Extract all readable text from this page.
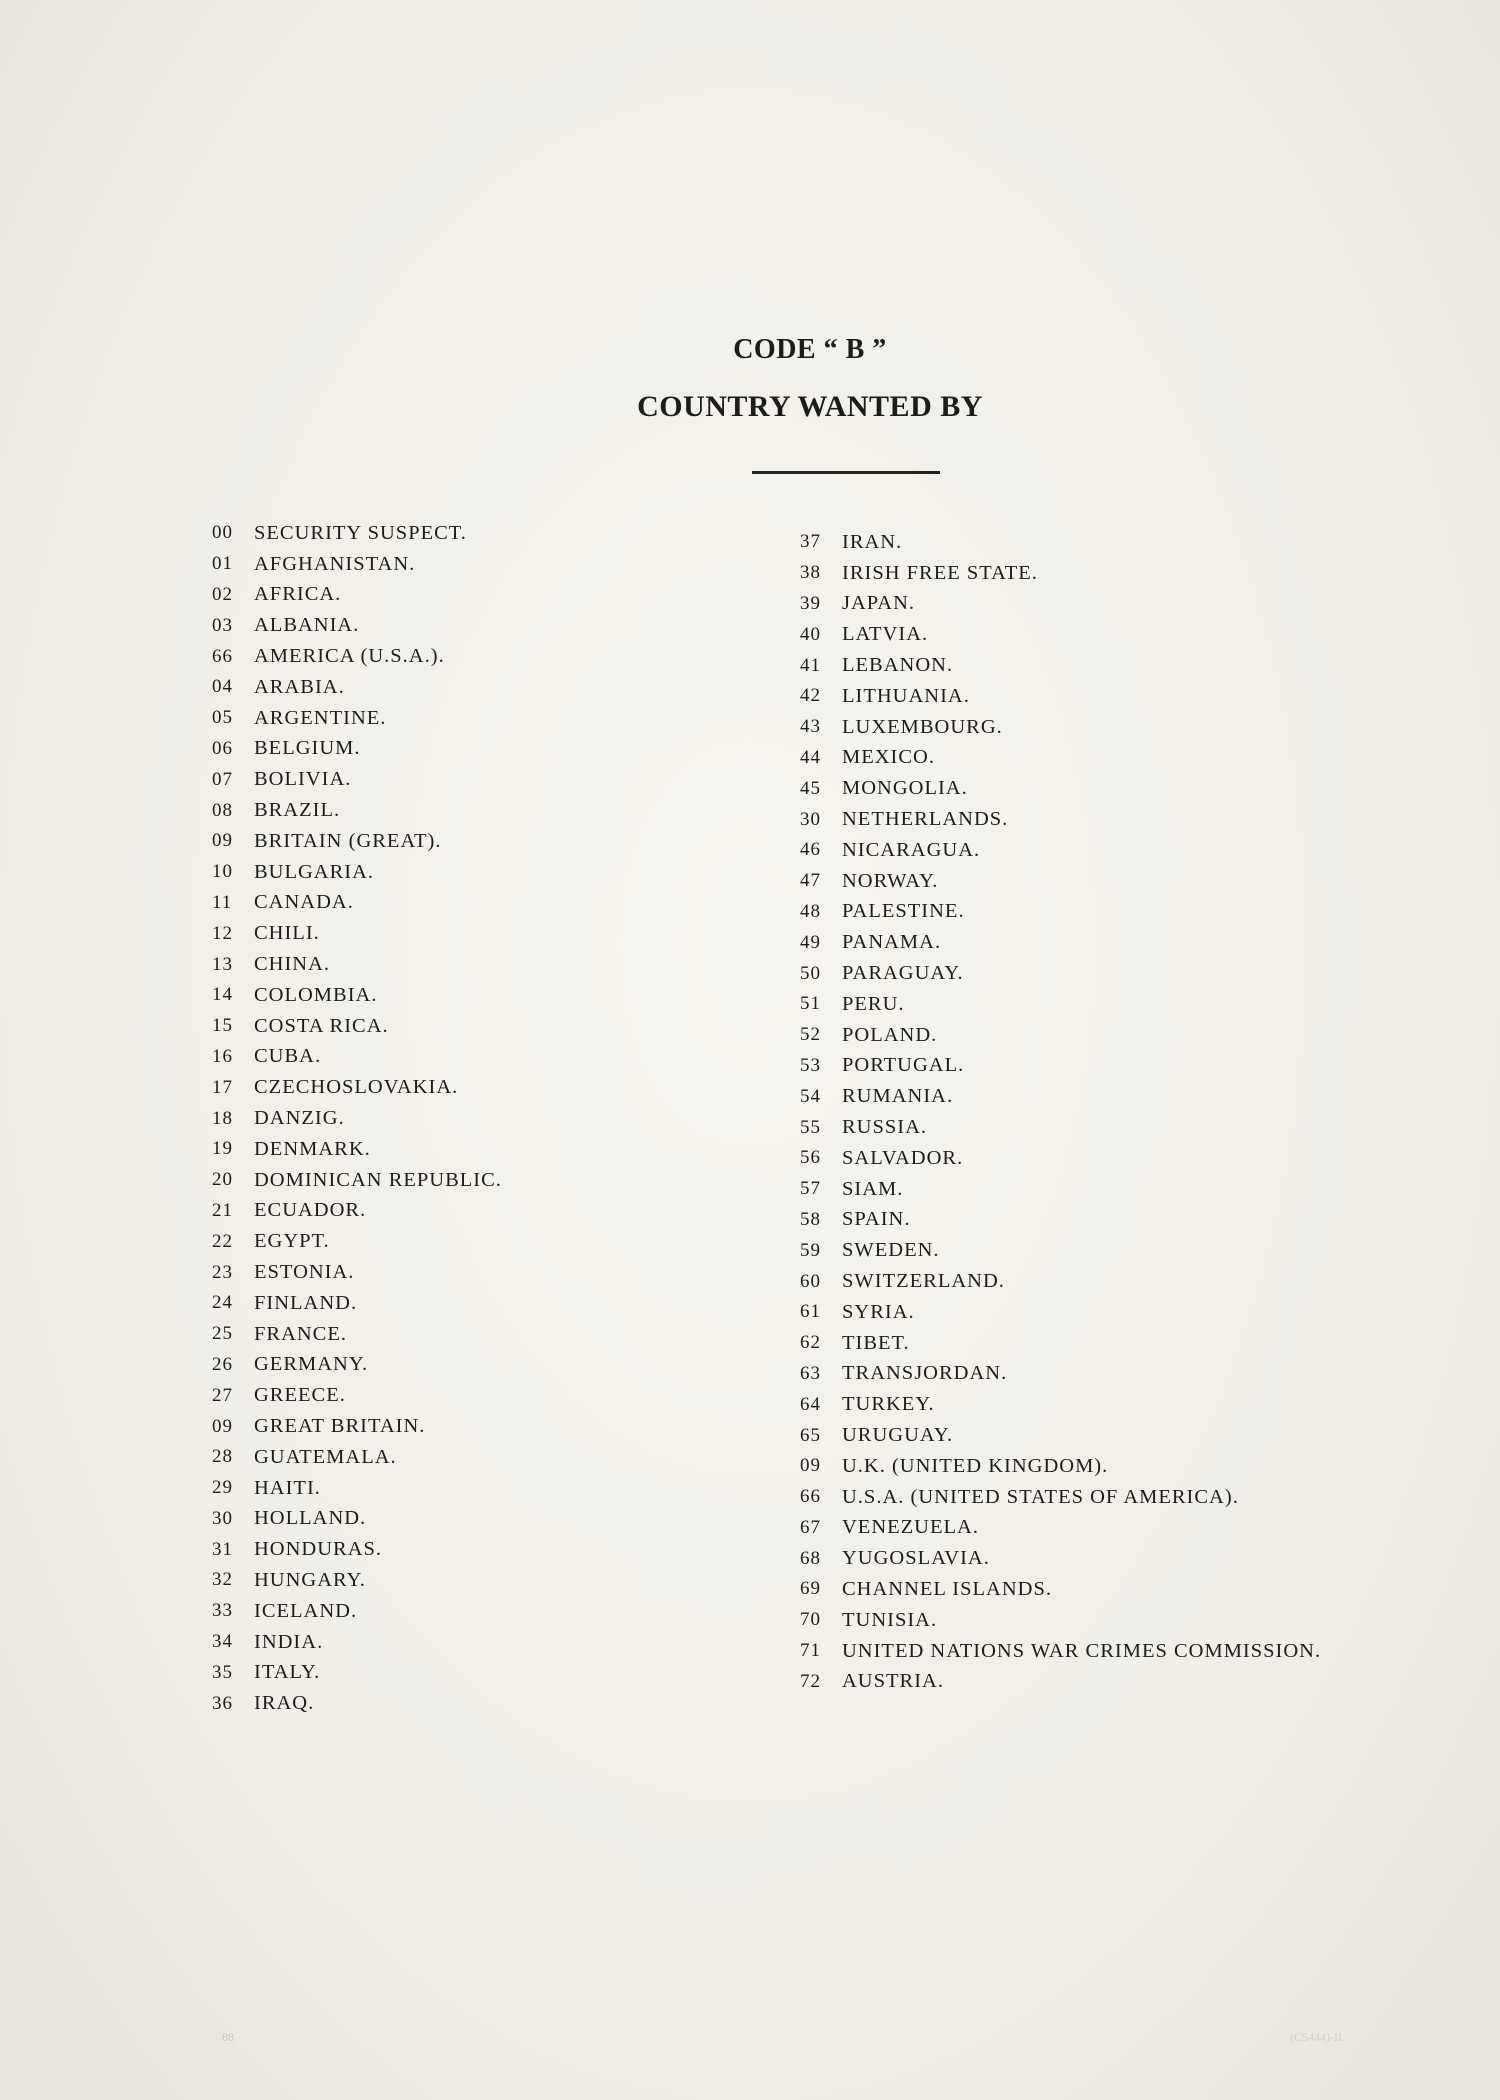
CODE “ B ”
COUNTRY WANTED BY
00	SECURITY SUSPECT.
01	AFGHANISTAN.
02	AFRICA.
03	ALBANIA.
66	AMERICA (U.S.A.).
04	ARABIA.
05	ARGENTINE.
06	BELGIUM.
07	BOLIVIA.
08	BRAZIL.
09	BRITAIN (GREAT).
10	BULGARIA.
11	CANADA.
12	CHILI.
13	CHINA.
14	COLOMBIA.
15	COSTA RICA.
16	CUBA.
17	CZECHOSLOVAKIA.
18	DANZIG.
19	DENMARK.
20	DOMINICAN REPUBLIC.
21	ECUADOR.
22	EGYPT.
23	ESTONIA.
24	FINLAND.
25	FRANCE.
26	GERMANY.
27	GREECE.
09	GREAT BRITAIN.
28	GUATEMALA.
29	HAITI.
30	HOLLAND.
31	HONDURAS.
32	HUNGARY.
33	ICELAND.
34	INDIA.
35	ITALY.
36	IRAQ.
37	IRAN.
38	IRISH FREE STATE.
39	JAPAN.
40	LATVIA.
41	LEBANON.
42	LITHUANIA.
43	LUXEMBOURG.
44	MEXICO.
45	MONGOLIA.
30	NETHERLANDS.
46	NICARAGUA.
47	NORWAY.
48	PALESTINE.
49	PANAMA.
50	PARAGUAY.
51	PERU.
52	POLAND.
53	PORTUGAL.
54	RUMANIA.
55	RUSSIA.
56	SALVADOR.
57	SIAM.
58	SPAIN.
59	SWEDEN.
60	SWITZERLAND.
61	SYRIA.
62	TIBET.
63	TRANSJORDAN.
64	TURKEY.
65	URUGUAY.
09	U.K. (UNITED KINGDOM).
66	U.S.A. (UNITED STATES OF AMERICA).
67	VENEZUELA.
68	YUGOSLAVIA.
69	CHANNEL ISLANDS.
70	TUNISIA.
71	UNITED NATIONS WAR CRIMES COMMISSION.
72	AUSTRIA.
88	(C5444)-II
